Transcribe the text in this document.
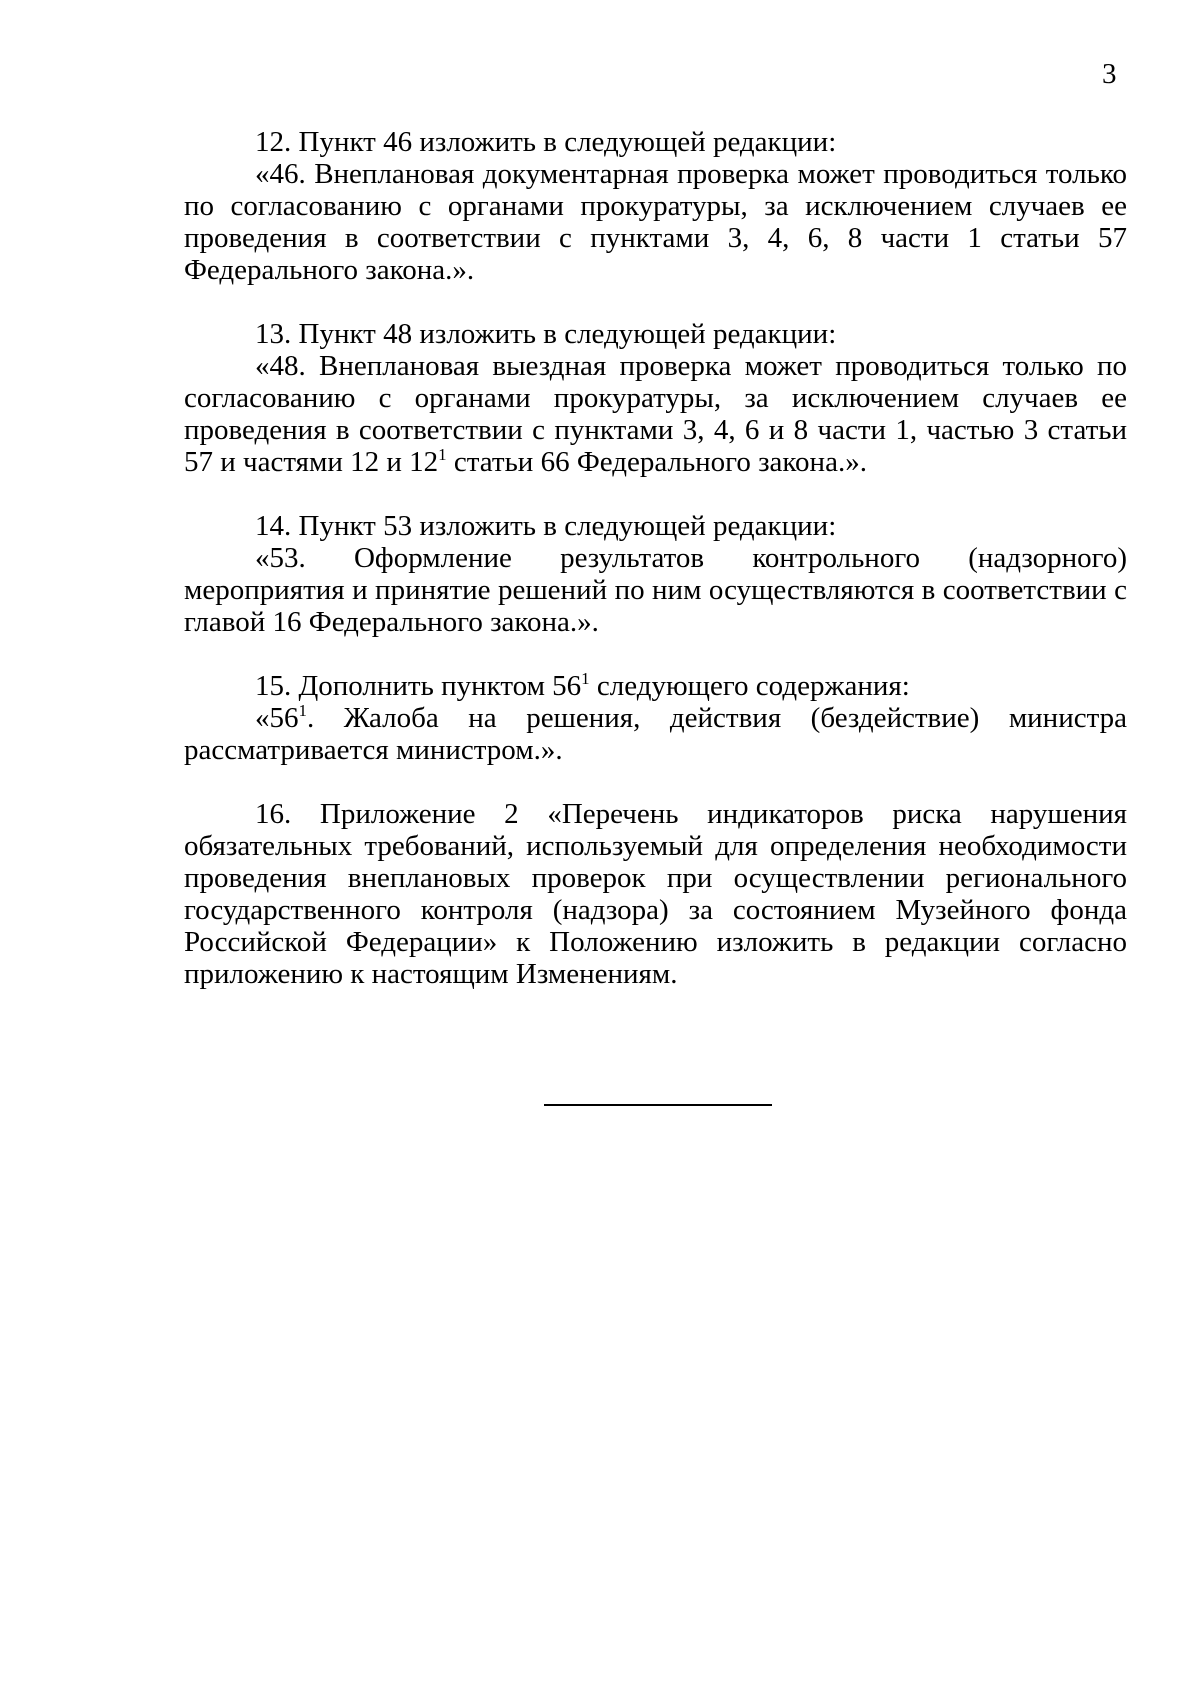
3

12. Пункт 46 изложить в следующей редакции:

«46. Внеплановая документарная проверка может проводиться только по согласованию с органами прокуратуры, за исключением случаев ее проведения в соответствии с пунктами 3, 4, 6, 8 части 1 статьи 57 Федерального закона.».

13. Пункт 48 изложить в следующей редакции:

«48. Внеплановая выездная проверка может проводиться только по согласованию с органами прокуратуры, за исключением случаев ее проведения в соответствии с пунктами 3, 4, 6 и 8 части 1, частью 3 статьи 57 и частями 12 и $12^1$ статьи 66 Федерального закона.».

14. Пункт 53 изложить в следующей редакции:

«53. Оформление результатов контрольного (надзорного) мероприятия и принятие решений по ним осуществляются в соответствии с главой 16 Федерального закона.».

15. Дополнить пунктом $56^1$ следующего содержания:

«$56^1$. Жалоба на решения, действия (бездействие) министра рассматривается министром.».

16. Приложение 2 «Перечень индикаторов риска нарушения обязательных требований, используемый для определения необходимости проведения внеплановых проверок при осуществлении регионального государственного контроля (надзора) за состоянием Музейного фонда Российской Федерации» к Положению изложить в редакции согласно приложению к настоящим Изменениям.
